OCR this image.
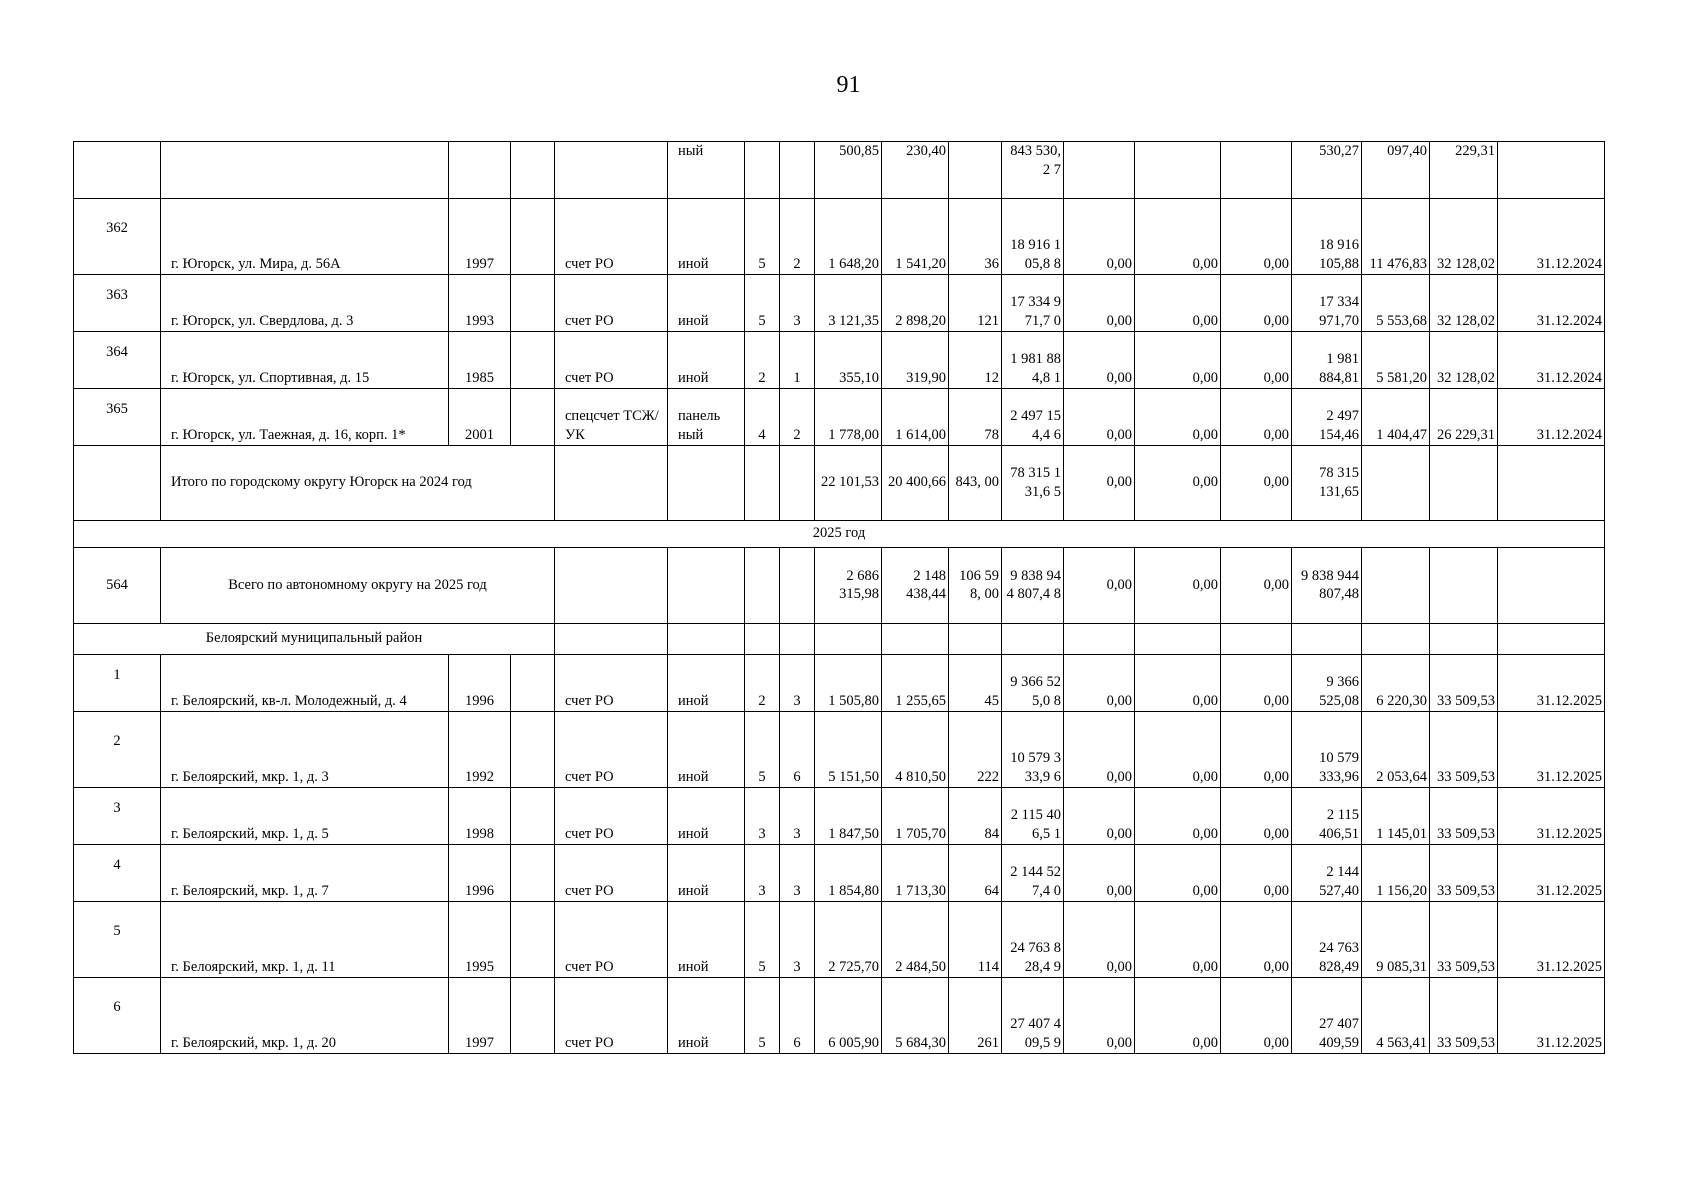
91
					ный			500,85	230,40		843 530,2 7				530,27	097,40	229,31	
362	г. Югорск, ул. Мира, д. 56А	1997		счет РО	иной	5	2	1 648,20	1 541,20	36	18 916 105,8 8	0,00	0,00	0,00	18 916 105,88	11 476,83	32 128,02	31.12.2024
363	г. Югорск, ул. Свердлова, д. 3	1993		счет РО	иной	5	3	3 121,35	2 898,20	121	17 334 971,7 0	0,00	0,00	0,00	17 334 971,70	5 553,68	32 128,02	31.12.2024
364	г. Югорск, ул. Спортивная, д. 15	1985		счет РО	иной	2	1	355,10	319,90	12	1 981 884,8 1	0,00	0,00	0,00	1 981 884,81	5 581,20	32 128,02	31.12.2024
365	г. Югорск, ул. Таежная, д. 16, корп. 1*	2001		спецсчет ТСЖ/УК	панель ный	4	2	1 778,00	1 614,00	78	2 497 154,4 6	0,00	0,00	0,00	2 497 154,46	1 404,47	26 229,31	31.12.2024
	Итого по городскому округу Югорск на 2024 год							22 101,53	20 400,66	843, 00	78 315 131,6 5	0,00	0,00	0,00	78 315 131,65			
2025 год																		
564	Всего по автономному округу на 2025 год							2 686 315,98	2 148 438,44	106 598, 00	9 838 944 807,4 8	0,00	0,00	0,00	9 838 944 807,48			
Белоярский муниципальный район																		
1	г. Белоярский, кв-л. Молодежный, д. 4	1996		счет РО	иной	2	3	1 505,80	1 255,65	45	9 366 525,0 8	0,00	0,00	0,00	9 366 525,08	6 220,30	33 509,53	31.12.2025
2	г. Белоярский, мкр. 1, д. 3	1992		счет РО	иной	5	6	5 151,50	4 810,50	222	10 579 333,9 6	0,00	0,00	0,00	10 579 333,96	2 053,64	33 509,53	31.12.2025
3	г. Белоярский, мкр. 1, д. 5	1998		счет РО	иной	3	3	1 847,50	1 705,70	84	2 115 406,5 1	0,00	0,00	0,00	2 115 406,51	1 145,01	33 509,53	31.12.2025
4	г. Белоярский, мкр. 1, д. 7	1996		счет РО	иной	3	3	1 854,80	1 713,30	64	2 144 527,4 0	0,00	0,00	0,00	2 144 527,40	1 156,20	33 509,53	31.12.2025
5	г. Белоярский, мкр. 1, д. 11	1995		счет РО	иной	5	3	2 725,70	2 484,50	114	24 763 828,4 9	0,00	0,00	0,00	24 763 828,49	9 085,31	33 509,53	31.12.2025
6	г. Белоярский, мкр. 1, д. 20	1997		счет РО	иной	5	6	6 005,90	5 684,30	261	27 407 409,5 9	0,00	0,00	0,00	27 407 409,59	4 563,41	33 509,53	31.12.2025
